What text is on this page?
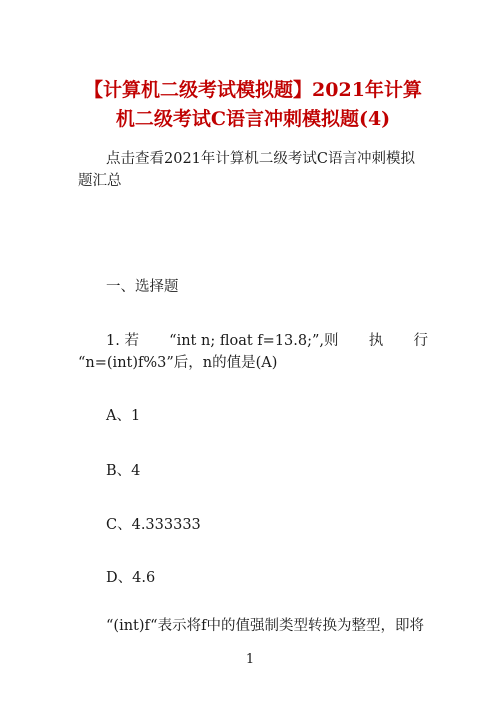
【计算机二级考试模拟题】2021年计算机二级考试C语言冲刺模拟题(4)
点击查看2021年计算机二级考试C语言冲刺模拟题汇总
一、选择题
1. 若 “int n; float f=13.8;”,则 执 行
“n=(int)f%3”后，n的值是(A)
A、1
B、4
C、4.333333
D、4.6
“(int)f“表示将f中的值强制类型转换为整型，即将
1
